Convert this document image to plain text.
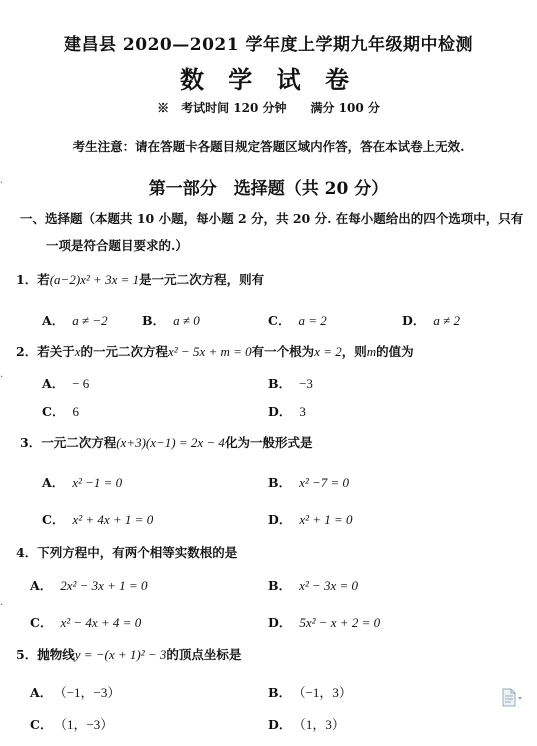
建昌县 2020—2021 学年度上学期九年级期中检测
数 学 试 卷
※　考试时间 120 分钟　　满分 100 分
考生注意：请在答题卡各题目规定答题区域内作答，答在本试卷上无效.
第一部分　选择题（共 20 分）
·
·
·
一、选择题（本题共 10 小题，每小题 2 分，共 20 分. 在每小题给出的四个选项中，只有
一项是符合题目要求的.）
1．若(a−2)x² + 3x = 1是一元二次方程，则有
A． a ≠ −2	B． a ≠ 0	C． a = 2	D． a ≠ 2
2．若关于x的一元二次方程x² − 5x + m = 0有一个根为x = 2，则m的值为
A． − 6	B． −3
C． 6	D． 3
3．一元二次方程(x+3)(x−1) = 2x − 4化为一般形式是
A． x² −1 = 0	B． x² −7 = 0
C． x² + 4x + 1 = 0	D． x² + 1 = 0
4．下列方程中，有两个相等实数根的是
A． 2x² − 3x + 1 = 0	B． x² − 3x = 0
C． x² − 4x + 4 = 0	D． 5x² − x + 2 = 0
5．抛物线y = −(x + 1)² − 3的顶点坐标是
A． （−1，−3）	B． （−1，3）
C． （1，−3）	D． （1，3）
